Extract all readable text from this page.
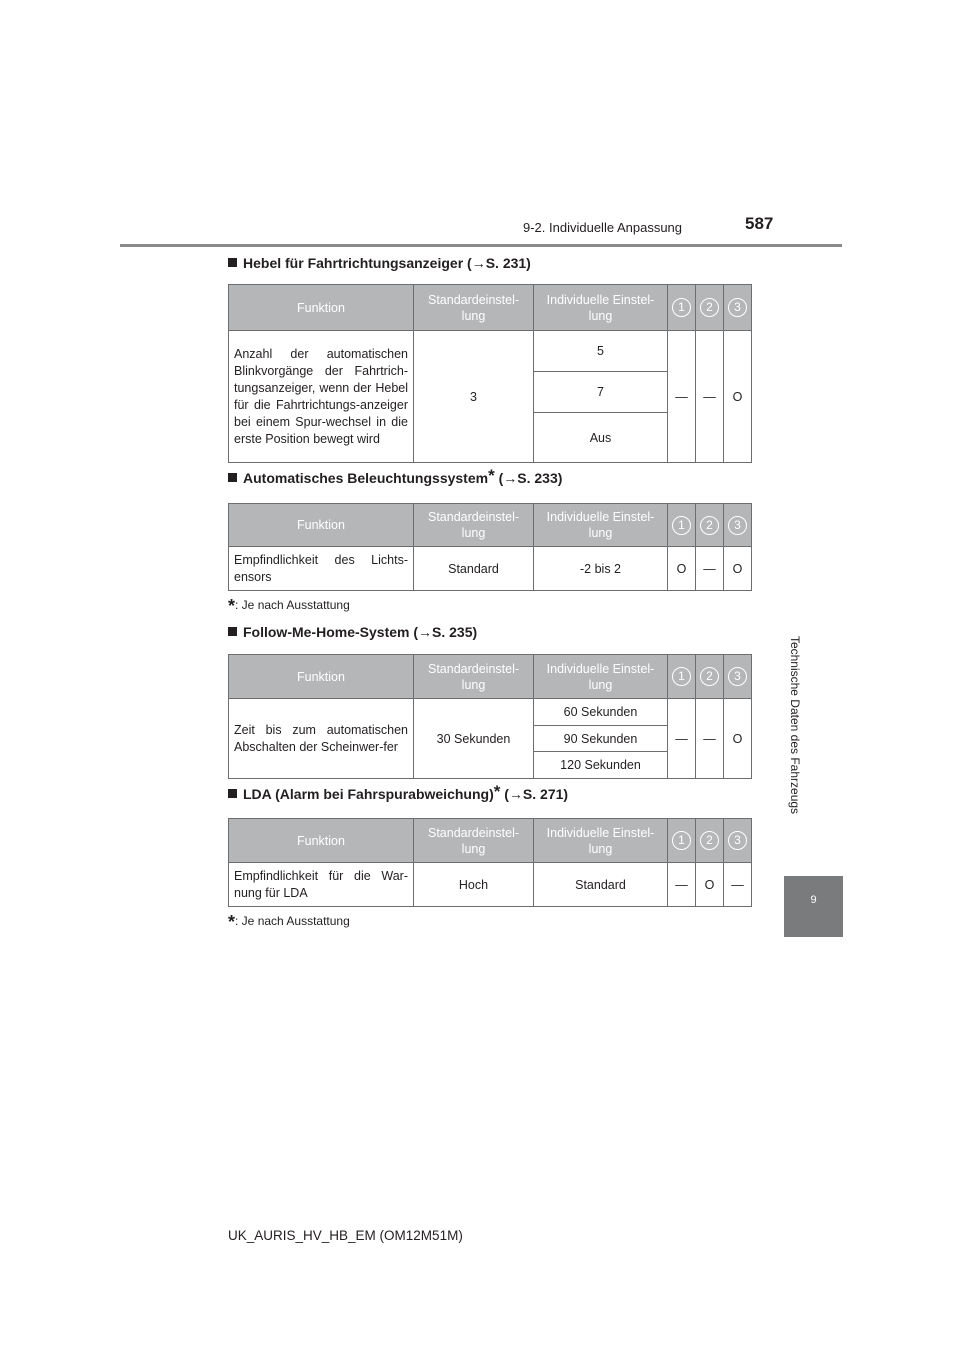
9-2. Individuelle Anpassung	587
Technische Daten des Fahrzeugs
9
Hebel für Fahrtrichtungsanzeiger (→S. 231)
Funktion	Standardeinstel-lung	Individuelle Einstel-lung	1	2	3
Anzahl der automatischen Blinkvorgänge der Fahrtrich-tungsanzeiger, wenn der Hebel für die Fahrtrichtungs-anzeiger bei einem Spur-wechsel in die erste Position bewegt wird	3	5	—	—	O
		7			
		Aus			
Automatisches Beleuchtungssystem* (→S. 233)
Funktion	Standardeinstel-lung	Individuelle Einstel-lung	1	2	3
Empfindlichkeit des Lichts-ensors	Standard	-2 bis 2	O	—	O
*: Je nach Ausstattung
Follow-Me-Home-System (→S. 235)
Funktion	Standardeinstel-lung	Individuelle Einstel-lung	1	2	3
Zeit bis zum automatischen Abschalten der Scheinwer-fer	30 Sekunden	60 Sekunden	—	—	O
		90 Sekunden			
		120 Sekunden			
LDA (Alarm bei Fahrspurabweichung)* (→S. 271)
Funktion	Standardeinstel-lung	Individuelle Einstel-lung	1	2	3
Empfindlichkeit für die War-nung für LDA	Hoch	Standard	—	O	—
*: Je nach Ausstattung
UK_AURIS_HV_HB_EM (OM12M51M)
